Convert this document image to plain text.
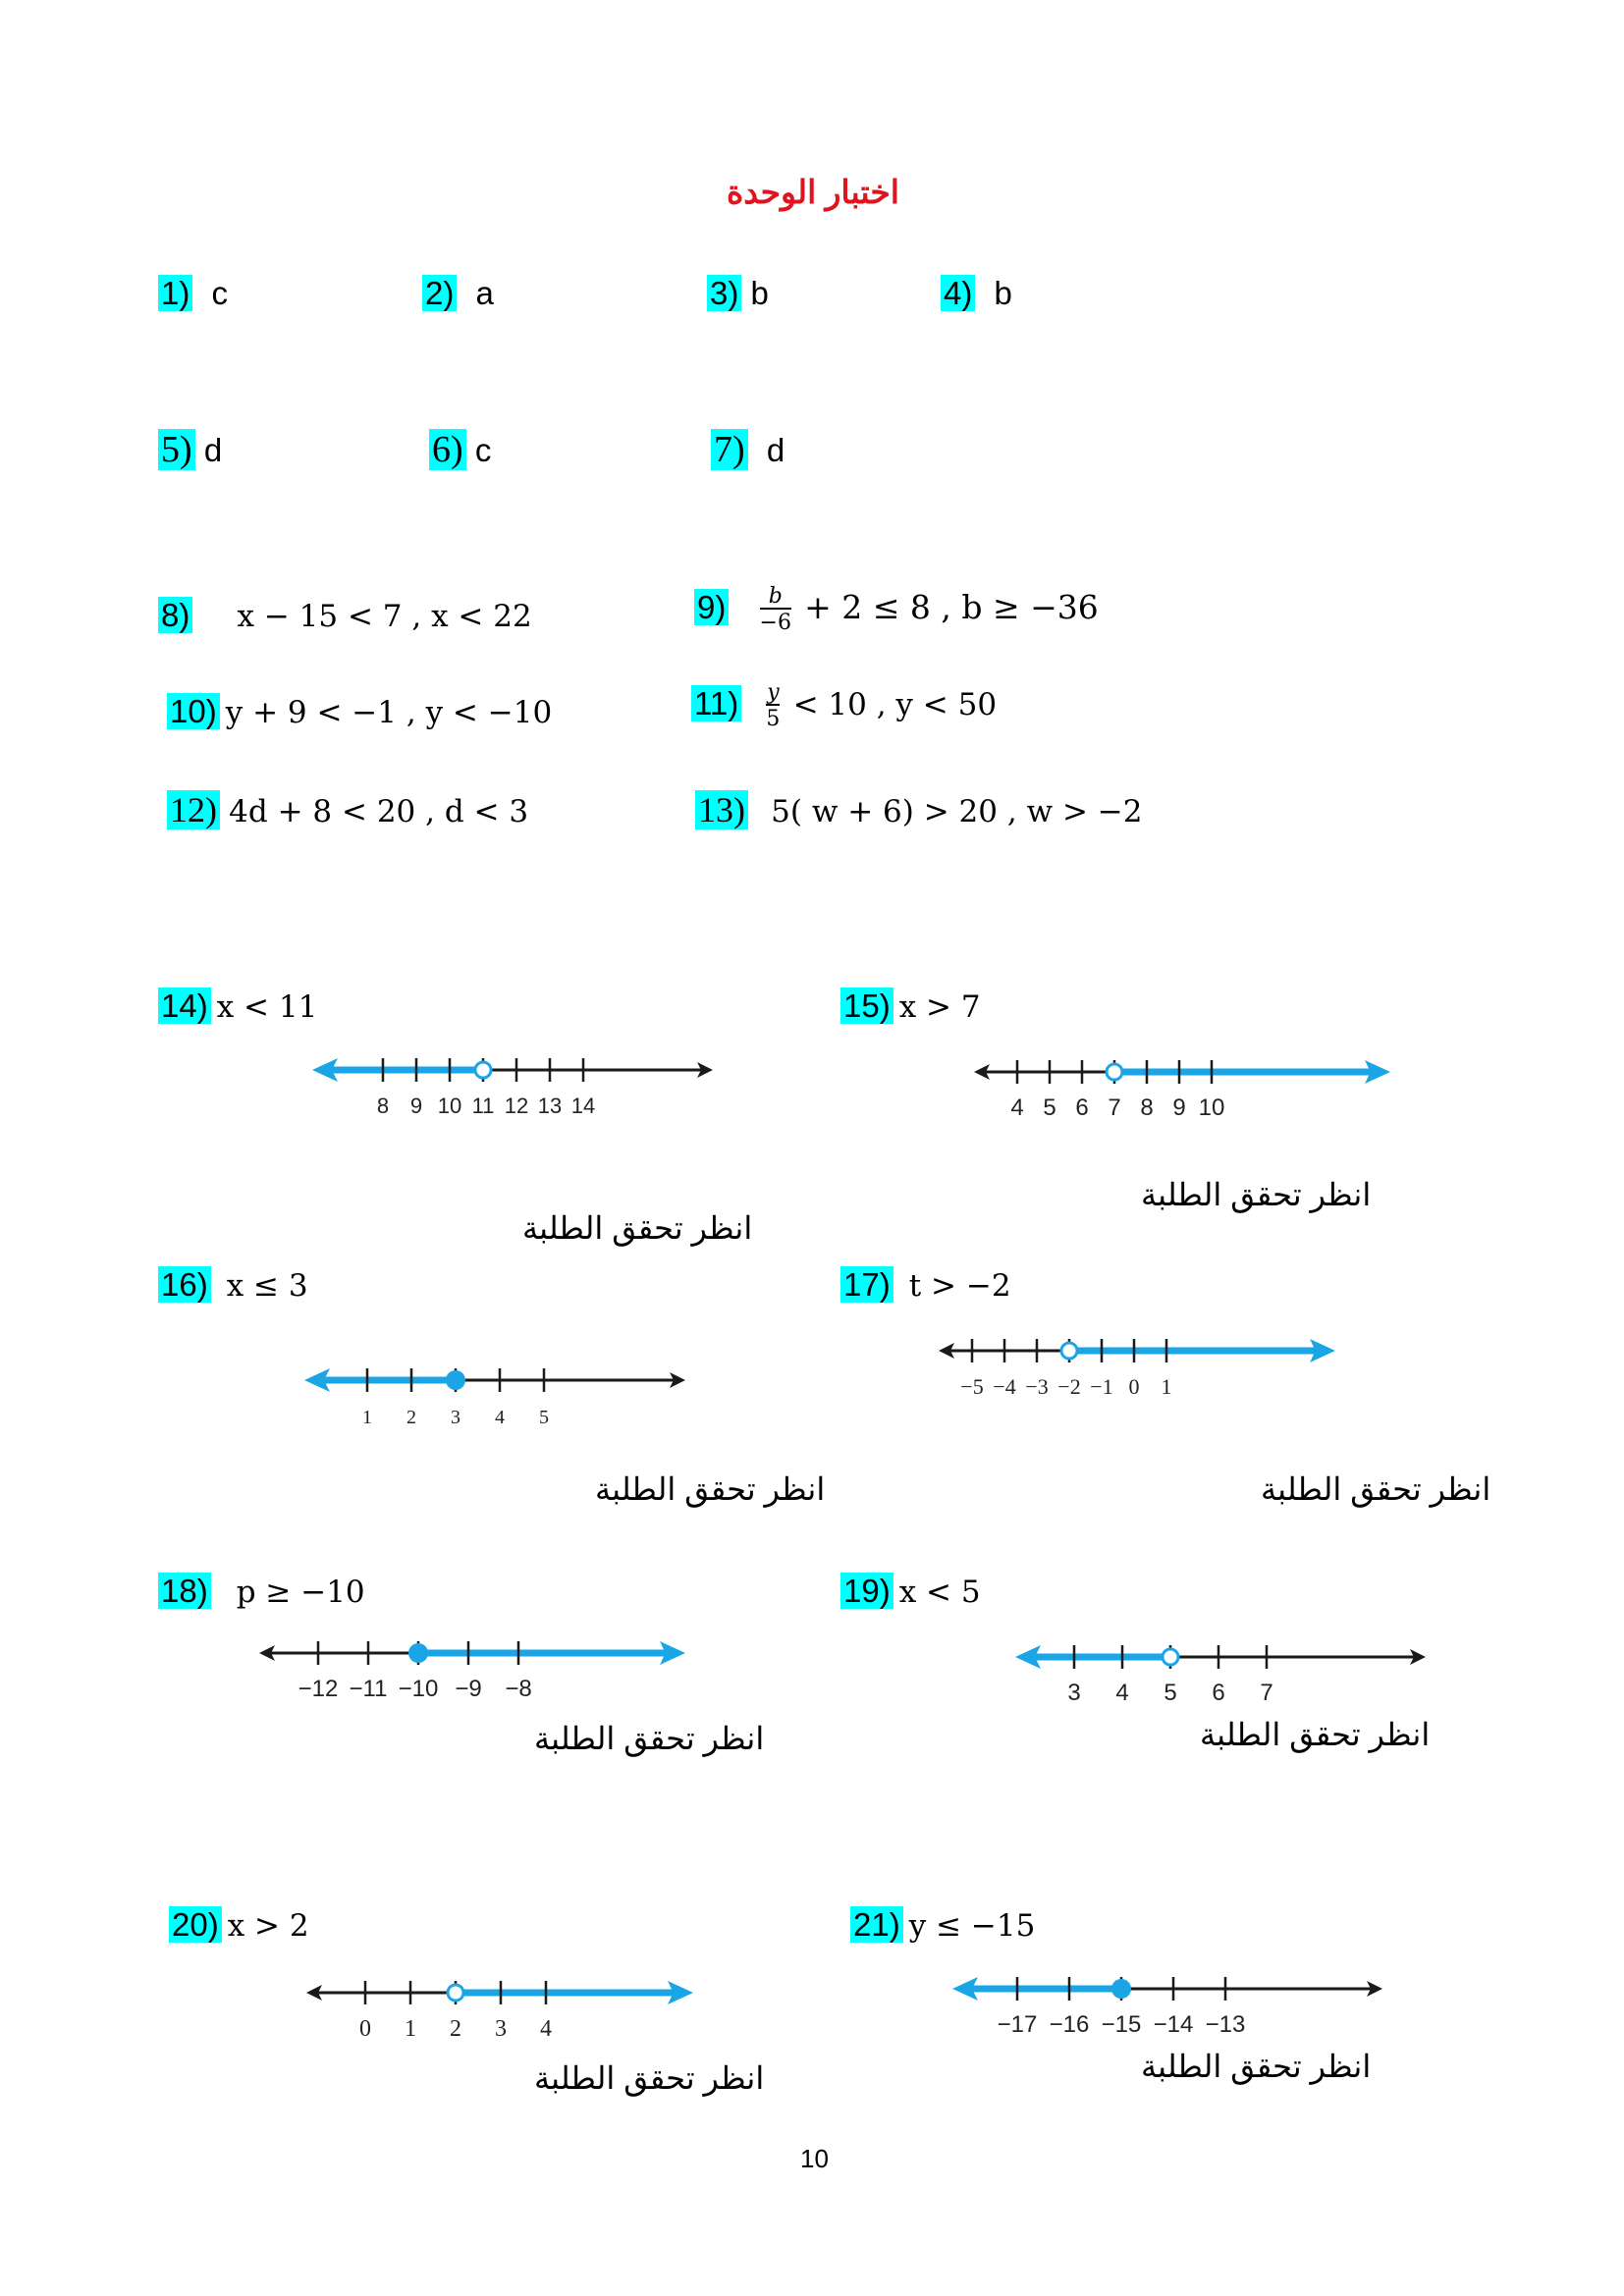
اختبار الوحدة
1) c	2) a	3) b	4) b
5) d	6) c	7) d
8) x − 15 < 7 , x < 22	$9) \frac{b}{-6} + 2 \le 8$ , b ≥ −36
10) y + 9 < −1 , y < −10	$11) \frac{y}{5} < 10$ , y < 50
12) 4d + 8 < 20 , d < 3	13) 5( w + 6) > 20 , w > −2
14) x < 11
8 9 10 11 12 13 14
انظر تحقق الطلبة
15) x > 7
4 5 6 7 8 9 10
انظر تحقق الطلبة
16) x ≤ 3
1 2 3 4 5
انظر تحقق الطلبة
17) t > −2
−5 −4 −3 −2 −1 0 1
انظر تحقق الطلبة
18) p ≥ −10
−12 −11 −10 −9 −8
انظر تحقق الطلبة
19) x < 5
3 4 5 6 7
انظر تحقق الطلبة
20) x > 2
0 1 2 3 4
انظر تحقق الطلبة
21) y ≤ −15
−17 −16 −15 −14 −13
انظر تحقق الطلبة
10
